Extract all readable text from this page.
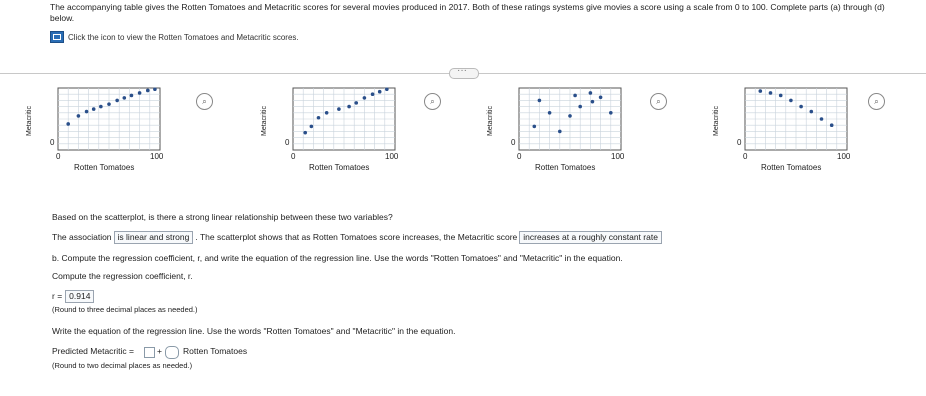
The accompanying table gives the Rotten Tomatoes and Metacritic scores for several movies produced in 2017. Both of these ratings systems give movies a score using a scale from 0 to 100. Complete parts (a) through (d) below.
Click the icon to view the Rotten Tomatoes and Metacritic scores.
···
Metacritic
0
0
100
Rotten Tomatoes
⌕
Metacritic
0
0
100
Rotten Tomatoes
⌕
Metacritic
0
0
100
Rotten Tomatoes
⌕
Metacritic
0
0
100
Rotten Tomatoes
⌕
Based on the scatterplot, is there a strong linear relationship between these two variables?
The association is linear and strong . The scatterplot shows that as Rotten Tomatoes score increases, the Metacritic score increases at a roughly constant rate
b. Compute the regression coefficient, r, and write the equation of the regression line. Use the words "Rotten Tomatoes" and "Metacritic" in the equation.
Compute the regression coefficient, r.
r = 0.914
(Round to three decimal places as needed.)
Write the equation of the regression line. Use the words "Rotten Tomatoes" and "Metacritic" in the equation.
Predicted Metacritic =	+ Rotten Tomatoes
(Round to two decimal places as needed.)
